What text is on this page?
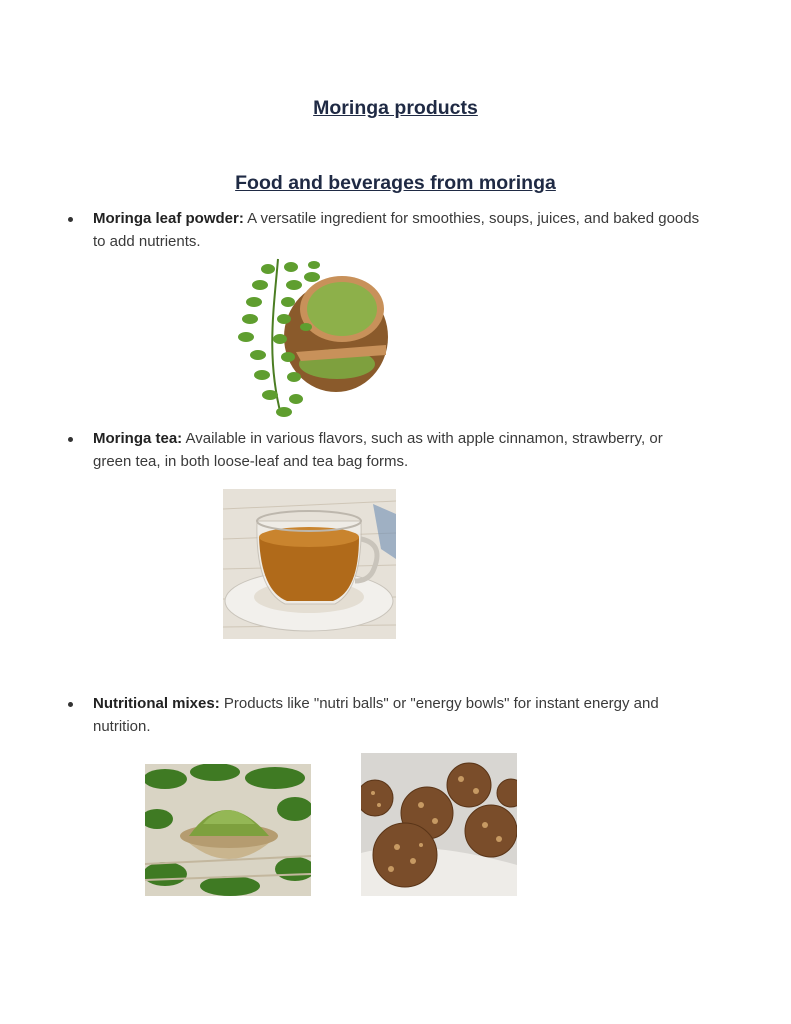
Moringa products
Food and beverages from moringa
Moringa leaf powder: A versatile ingredient for smoothies, soups, juices, and baked goods to add nutrients.
Moringa tea: Available in various flavors, such as with apple cinnamon, strawberry, or green tea, in both loose-leaf and tea bag forms.
Nutritional mixes: Products like "nutri balls" or "energy bowls" for instant energy and nutrition.
